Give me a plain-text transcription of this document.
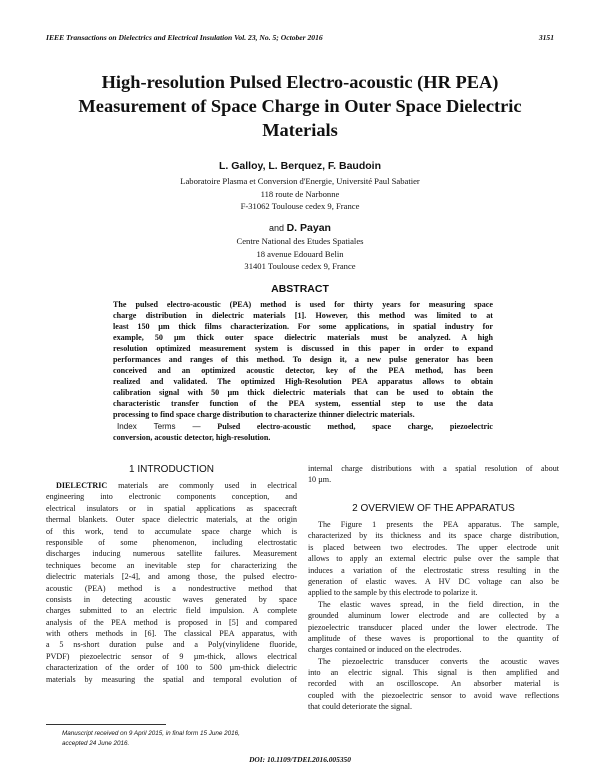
IEEE Transactions on Dielectrics and Electrical Insulation Vol. 23, No. 5; October 2016	3151
High-resolution Pulsed Electro-acoustic (HR PEA)
Measurement of Space Charge in Outer Space Dielectric
Materials
L. Galloy, L. Berquez, F. Baudoin
Laboratoire Plasma et Conversion d'Energie, Université Paul Sabatier
118 route de Narbonne
F-31062 Toulouse cedex 9, France
and D. Payan
Centre National des Etudes Spatiales
18 avenue Edouard Belin
31401 Toulouse cedex 9, France
ABSTRACT
The pulsed electro-acoustic (PEA) method is used for thirty years for measuring space
charge distribution in dielectric materials [1]. However, this method was limited to at
least 150 µm thick films characterization. For some applications, in spatial industry for
example, 50 µm thick outer space dielectric materials must be analyzed. A high
resolution optimized measurement system is discussed in this paper in order to expand
performances and ranges of this method. To design it, a new pulse generator has been
conceived and an optimized acoustic detector, key of the PEA method, has been
realized and validated. The optimized High-Resolution PEA apparatus allows to obtain
calibration signal with 50 µm thick dielectric materials that can be used to obtain the
characteristic transfer function of the PEA system, essential step to use the data
processing to find space charge distribution to characterize thinner dielectric materials.
Index Terms — Pulsed electro-acoustic method, space charge, piezoelectric
conversion, acoustic detector, high-resolution.
1 INTRODUCTION
DIELECTRIC materials are commonly used in electrical
engineering into electronic components conception, and
electrical insulators or in spatial applications as spacecraft
thermal blankets. Outer space dielectric materials, at the origin
of this work, tend to accumulate space charge which is
responsible of some phenomenon, including electrostatic
discharges inducing numerous satellite failures. Measurement
techniques become an inevitable step for characterizing the
dielectric materials [2-4], and among those, the pulsed electro-
acoustic (PEA) method is a nondestructive method that
consists in detecting acoustic waves generated by space
charges submitted to an electric field impulsion. A complete
analysis of the PEA method is proposed in [5] and compared
with others methods in [6]. The classical PEA apparatus, with
a 5 ns-short duration pulse and a Poly(vinylidene fluoride,
PVDF) piezoelectric sensor of 9 µm-thick, allows electrical
characterization of the order of 100 to 500 µm-thick dielectric
materials by measuring the spatial and temporal evolution of
internal charge distributions with a spatial resolution of about
10 µm.
2 OVERVIEW OF THE APPARATUS
The Figure 1 presents the PEA apparatus. The sample,
characterized by its thickness and its space charge distribution,
is placed between two electrodes. The upper electrode unit
allows to apply an external electric pulse over the sample that
induces a variation of the electrostatic stress resulting in the
generation of elastic waves. A HV DC voltage can also be
applied to the sample by this electrode to polarize it.
The elastic waves spread, in the field direction, in the
grounded aluminum lower electrode and are collected by a
piezoelectric transducer placed under the lower electrode. The
amplitude of these waves is proportional to the quantity of
charges contained or induced on the electrodes.
The piezoelectric transducer converts the acoustic waves
into an electric signal. This signal is then amplified and
recorded with an oscilloscope. An absorber material is
coupled with the piezoelectric sensor to avoid wave reflections
that could deteriorate the signal.
Manuscript received on 9 April 2015, in final form 15 June 2016,
accepted 24 June 2016.
DOI: 10.1109/TDEI.2016.005350
